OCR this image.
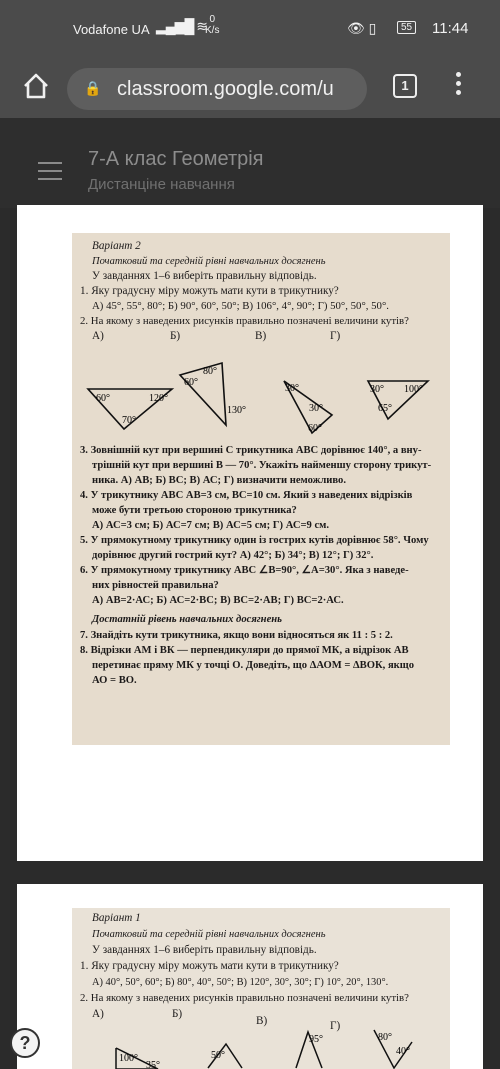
Vodafone UA ▂▄▆█ ≋ 0
K/s	👁 ▯	55 11:44
🔒 classroom.google.com/u	1
7-А клас Геометрія
Дистанціне навчання
Варіант 2
Початковий та середній рівні навчальних досягнень
У завданнях 1–6 виберіть правильну відповідь.
1. Яку градусну міру можуть мати кути в трикутнику?
А) 45°, 55°, 80°; Б) 90°, 60°, 50°; В) 106°, 4°, 90°; Г) 50°, 50°, 50°.
2. На якому з наведених рисунків правильно позначені величини кутів?
А)	Б)	В)	Г)
60°	120°
70°
60°
80°
130°
30°
30°
60°
30° 100°
65°
3. Зовнішній кут при вершині С трикутника АВС дорівнює 140°, а вну-
трішній кут при вершині В — 70°. Укажіть найменшу сторону трикут-
ника. А) АВ; Б) ВС; В) АС; Г) визначити неможливо.
4. У трикутнику АВС АВ=3 см, ВС=10 см. Який з наведених відрізків
може бути третьою стороною трикутника?
А) АС=3 см; Б) АС=7 см; В) АС=5 см; Г) АС=9 см.
5. У прямокутному трикутнику один із гострих кутів дорівнює 58°. Чому
дорівнює другий гострий кут? А) 42°; Б) 34°; В) 12°; Г) 32°.
6. У прямокутному трикутнику АВС ∠В=90°, ∠А=30°. Яка з наведе-
них рівностей правильна?
А) АВ=2·АС; Б) АС=2·ВС; В) ВС=2·АВ; Г) ВС=2·АС.
Достатній рівень навчальних досягнень
7. Знайдіть кути трикутника, якщо вони відносяться як 11 : 5 : 2.
8. Відрізки АМ і ВК — перпендикуляри до прямої МК, а відрізок АВ
перетинає пряму МК у точці О. Доведіть, що ΔАОМ = ΔВОК, якщо
АО = ВО.
Варіант 1
Початковий та середній рівні навчальних досягнень
У завданнях 1–6 виберіть правильну відповідь.
1. Яку градусну міру можуть мати кути в трикутнику?
А) 40°, 50°, 60°; Б) 80°, 40°, 50°; В) 120°, 30°, 30°; Г) 10°, 20°, 130°.
2. На якому з наведених рисунків правильно позначені величини кутів?
А)	Б)
В)	Г)
100°
35°
50°
95°	80°
40°
?
